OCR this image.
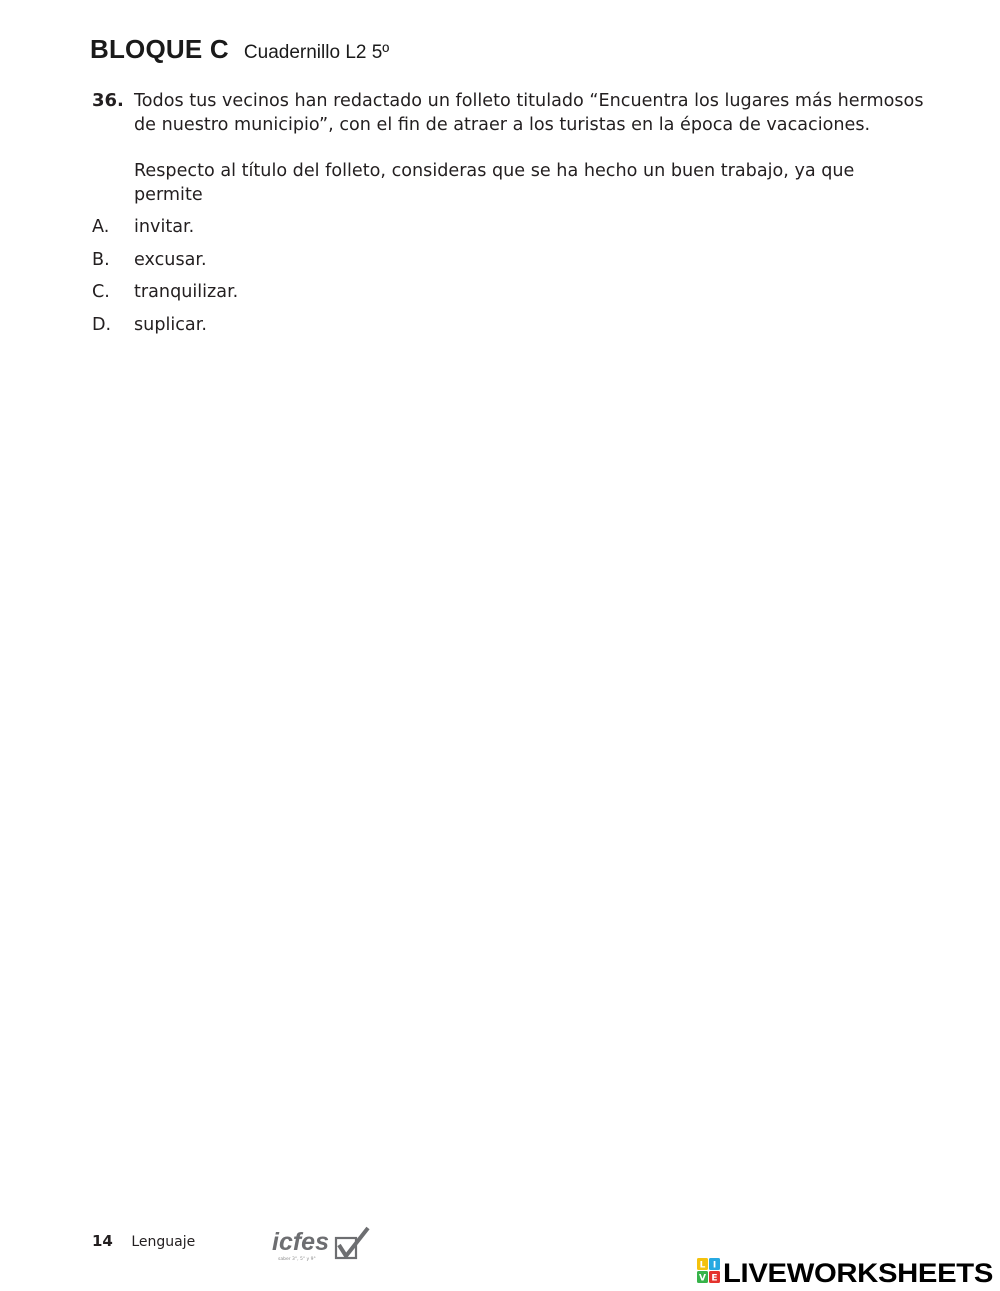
BLOQUE C Cuadernillo L2 5º
36. Todos tus vecinos han redactado un folleto titulado “Encuentra los lugares más hermosos de nuestro municipio”, con el fin de atraer a los turistas en la época de vacaciones.

Respecto al título del folleto, consideras que se ha hecho un buen trabajo, ya que permite

A.	invitar.
B.	excusar.
C.	tranquilizar.
D.	suplicar.
14 Lenguaje	icfes
saber 3°, 5° y 9°
L I
V E LIVEWORKSHEETS
